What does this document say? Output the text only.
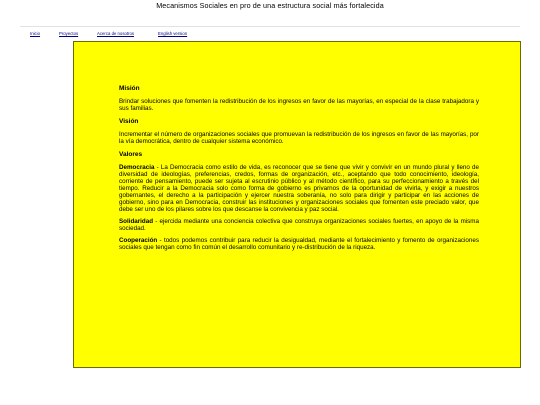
Mecanismos Sociales en pro de una estructura social más fortalecida
Inicio	Proyectos	Acerca de nosotros	English version
Misión

Brindar soluciones que fomenten la redistribución de los ingresos en favor de las mayorías, en especial de la clase trabajadora y sus familias.

Visión

Incrementar el número de organizaciones sociales que promuevan la redistribución de los ingresos en favor de las mayorías, por la vía democrática, dentro de cualquier sistema económico.

Valores

Democracia - La Democracia como estilo de vida, es reconocer que se tiene que vivir y convivir en un mundo plural y lleno de diversidad de ideologías, preferencias, credos, formas de organización, etc., aceptando que todo conocimiento, ideología, corriente de pensamiento, puede ser sujeta al escrutinio público y al método científico, para su perfeccionamiento a través del tiempo. Reducir a la Democracia solo como forma de gobierno es privarnos de la oportunidad de vivirla, y exigir a nuestros gobernantes, el derecho a la participación y ejercer nuestra soberanía, no solo para dirigir y participar en las acciones de gobierno, sino para en Democracia, construir las instituciones y organizaciones sociales que fomenten este preciado valor, que debe ser uno de los pilares sobre los que descanse la convivencia y paz social.

Solidaridad - ejercida mediante una conciencia colectiva que construya organizaciones sociales fuertes, en apoyo de la misma sociedad.

Cooperación - todos podemos contribuir para reducir la desigualdad, mediante el fortalecimiento y fomento de organizaciones sociales que tengan como fin común el desarrollo comunitario y re-distribución de la riqueza.
